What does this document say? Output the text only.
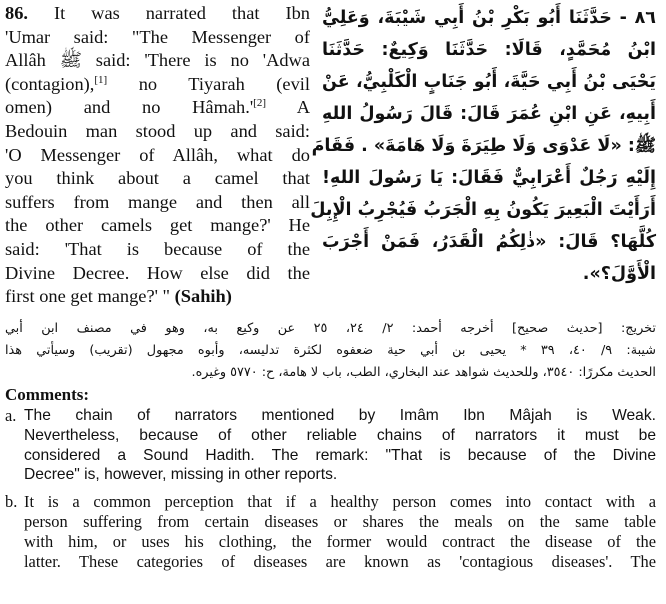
86. It was narrated that Ibn
'Umar said: "The Messenger of
Allâh ﷺ said: 'There is no 'Adwa
(contagion),[1] no Tiyarah (evil
omen) and no Hâmah.'[2] A
Bedouin man stood up and said:
'O Messenger of Allâh, what do
you think about a camel that
suffers from mange and then all
the other camels get mange?' He
said: 'That is because of the
Divine Decree. How else did the
first one get mange?' " (Sahih)
٨٦ - حَدَّثَنَا أَبُو بَكْرِ بْنُ أَبِي شَيْبَةَ، وَعَلِيُّ
ابْنُ مُحَمَّدٍ، قَالَا: حَدَّثَنَا وَكِيعٌ: حَدَّثَنَا
يَحْيَى بْنُ أَبِي حَيَّةَ، أَبُو جَنَابٍ الْكَلْبِيُّ، عَنْ
أَبِيهِ، عَنِ ابْنِ عُمَرَ قَالَ: قَالَ رَسُولُ اللهِ
ﷺ: «لَا عَدْوَى وَلَا طِيَرَةَ وَلَا هَامَةَ» . فَقَامَ
إِلَيْهِ رَجُلٌ أَعْرَابِيٌّ فَقَالَ: يَا رَسُولَ اللهِ!
أَرَأَيْتَ الْبَعِيرَ يَكُونُ بِهِ الْجَرَبُ فَيُجْرِبُ الْإِبِلَ
كُلَّهَا؟ قَالَ: «ذٰلِكُمُ الْقَدَرُ، فَمَنْ أَجْرَبَ
الْأَوَّلَ؟».
تخريج: [حديث صحيح] أخرجه أحمد: ٢/ ٢٤، ٢٥ عن وكيع به، وهو في مصنف ابن أبي
شيبة: ٩/ ٤٠، ٣٩ * يحيى بن أبي حية ضعفوه لكثرة تدليسه، وأبوه مجهول (تقريب) وسيأتي هذا
الحديث مكررًا: ٣٥٤٠، وللحديث شواهد عند البخاري، الطب، باب لا هامة، ح: ٥٧٧٠ وغيره.
Comments:
a. The chain of narrators mentioned by Imâm Ibn Mâjah is Weak.
Nevertheless, because of other reliable chains of narrators it must be
considered a Sound Hadith. The remark: "That is because of the Divine
Decree" is, however, missing in other reports.
b. It is a common perception that if a healthy person comes into contact with a
person suffering from certain diseases or shares the meals on the same table
with him, or uses his clothing, the former would contract the disease of the
latter. These categories of diseases are known as 'contagious diseases'. The
